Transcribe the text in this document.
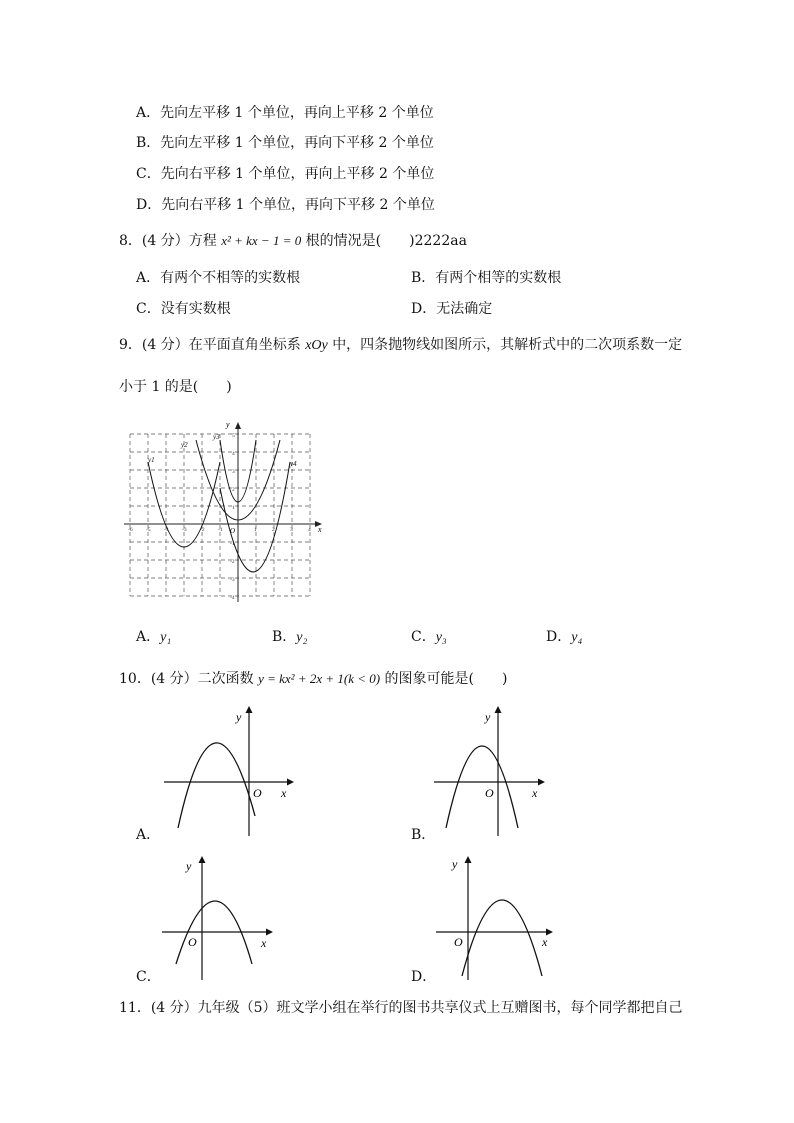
A．先向左平移 1 个单位，再向上平移 2 个单位
B．先向左平移 1 个单位，再向下平移 2 个单位
C．先向右平移 1 个单位，再向上平移 2 个单位
D．先向右平移 1 个单位，再向下平移 2 个单位
8．(4 分）方程 x² + kx − 1 = 0 根的情况是(　　)2222aa
A．有两个不相等的实数根	B．有两个相等的实数根
C．没有实数根	D．无法确定
9．(4 分）在平面直角坐标系 xOy 中，四条抛物线如图所示，其解析式中的二次项系数一定
小于 1 的是(　　)
x
y
O
-6 -5 -4 -3 -2 -1	1	2	3	4
5
4
3
2
1
-1
-2
-3
-4
y1
y2
y3
y4
A．y₁	B．y₂	C．y₃	D．y₄
10．(4 分）二次函数 y = kx² + 2x + 1(k < 0) 的图象可能是(　　)
y
x
O
A．
y
x
O
B．
y
x
O
C．
y
x
O
D．
11．(4 分）九年级（5）班文学小组在举行的图书共享仪式上互赠图书，每个同学都把自己
